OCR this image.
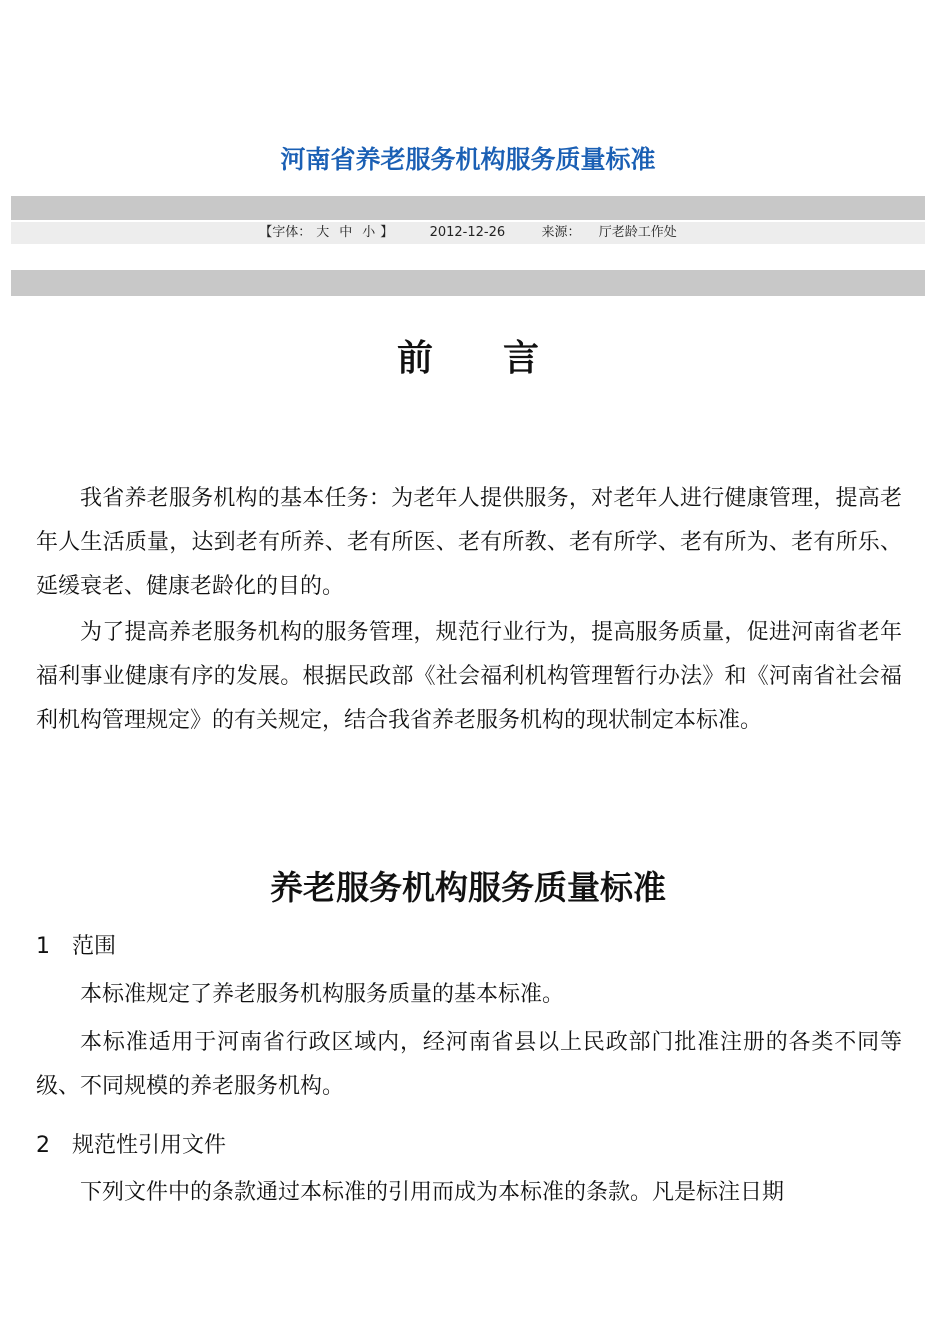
河南省养老服务机构服务质量标准
【字体： 大 中 小 】	2012-12-26	来源： 厅老龄工作处
前 言

我省养老服务机构的基本任务：为老年人提供服务，对老年人进行健康管理，提高老年人生活质量，达到老有所养、老有所医、老有所教、老有所学、老有所为、老有所乐、延缓衰老、健康老龄化的目的。

为了提高养老服务机构的服务管理，规范行业行为，提高服务质量，促进河南省老年福利事业健康有序的发展。根据民政部《社会福利机构管理暂行办法》和《河南省社会福利机构管理规定》的有关规定，结合我省养老服务机构的现状制定本标准。

养老服务机构服务质量标准
1 范围

本标准规定了养老服务机构服务质量的基本标准。

本标准适用于河南省行政区域内，经河南省县以上民政部门批准注册的各类不同等级、不同规模的养老服务机构。

2 规范性引用文件

下列文件中的条款通过本标准的引用而成为本标准的条款。凡是标注日期
